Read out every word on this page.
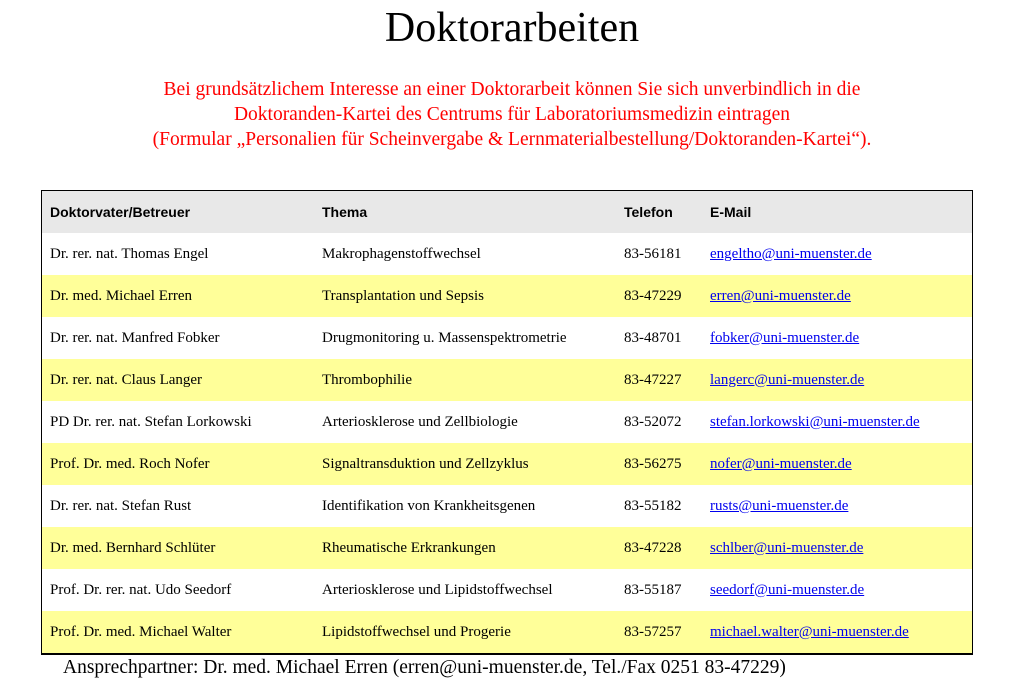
Doktorarbeiten
Bei grundsätzlichem Interesse an einer Doktorarbeit können Sie sich unverbindlich in die
Doktoranden-Kartei des Centrums für Laboratoriumsmedizin eintragen
(Formular „Personalien für Scheinvergabe & Lernmaterialbestellung/Doktoranden-Kartei“).
Doktorvater/Betreuer	Thema	Telefon	E-Mail
Dr. rer. nat. Thomas Engel	Makrophagenstoffwechsel	83-56181	engeltho@uni-muenster.de
Dr. med. Michael Erren	Transplantation und Sepsis	83-47229	erren@uni-muenster.de
Dr. rer. nat. Manfred Fobker	Drugmonitoring u. Massenspektrometrie	83-48701	fobker@uni-muenster.de
Dr. rer. nat. Claus Langer	Thrombophilie	83-47227	langerc@uni-muenster.de
PD Dr. rer. nat. Stefan Lorkowski	Arteriosklerose und Zellbiologie	83-52072	stefan.lorkowski@uni-muenster.de
Prof. Dr. med. Roch Nofer	Signaltransduktion und Zellzyklus	83-56275	nofer@uni-muenster.de
Dr. rer. nat. Stefan Rust	Identifikation von Krankheitsgenen	83-55182	rusts@uni-muenster.de
Dr. med. Bernhard Schlüter	Rheumatische Erkrankungen	83-47228	schlber@uni-muenster.de
Prof. Dr. rer. nat. Udo Seedorf	Arteriosklerose und Lipidstoffwechsel	83-55187	seedorf@uni-muenster.de
Prof. Dr. med. Michael Walter	Lipidstoffwechsel und Progerie	83-57257	michael.walter@uni-muenster.de
Ansprechpartner: Dr. med. Michael Erren (erren@uni-muenster.de, Tel./Fax 0251 83-47229)
